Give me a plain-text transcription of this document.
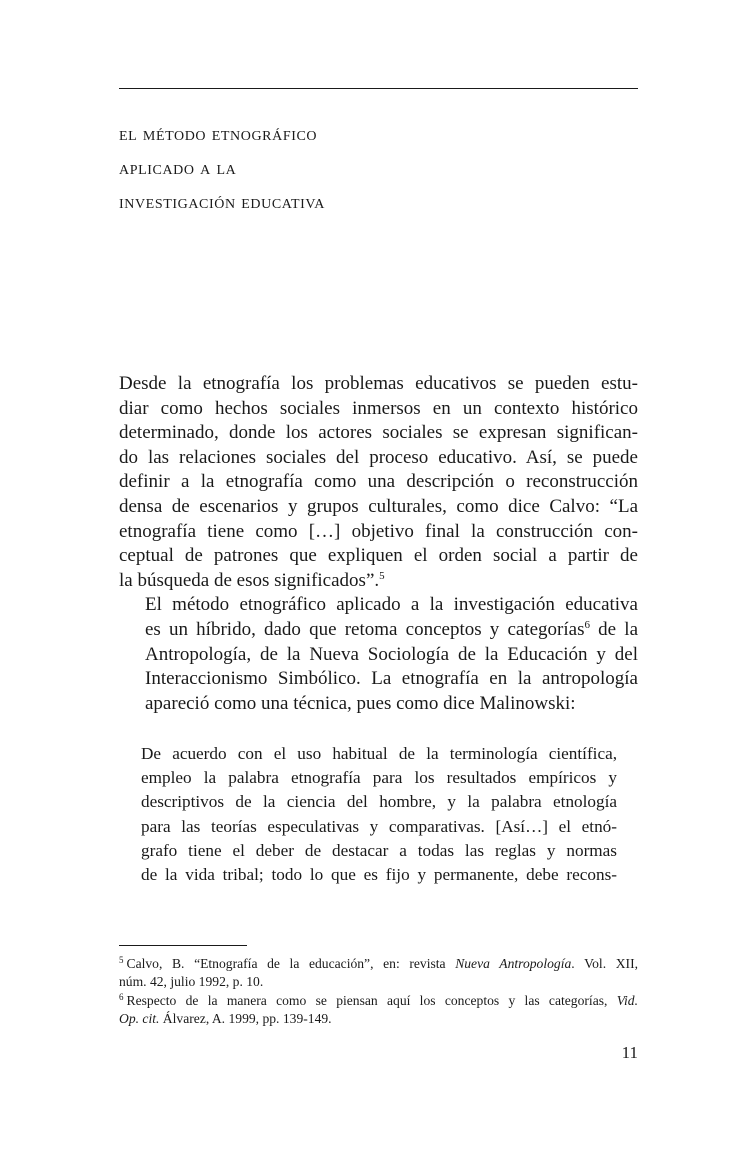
el método etnográfico
aplicado a la
investigación educativa

Desde la etnografía los problemas educativos se pueden estu-
diar como hechos sociales inmersos en un contexto histórico
determinado, donde los actores sociales se expresan significan-
do las relaciones sociales del proceso educativo. Así, se puede
definir a la etnografía como una descripción o reconstrucción
densa de escenarios y grupos culturales, como dice Calvo: “La
etnografía tiene como […] objetivo final la construcción con-
ceptual de patrones que expliquen el orden social a partir de
la búsqueda de esos significados”.$^5$

El método etnográfico aplicado a la investigación educativa
es un híbrido, dado que retoma conceptos y categorías$^6$ de la
Antropología, de la Nueva Sociología de la Educación y del
Interaccionismo Simbólico. La etnografía en la antropología
apareció como una técnica, pues como dice Malinowski:

De acuerdo con el uso habitual de la terminología científica,
empleo la palabra etnografía para los resultados empíricos y
descriptivos de la ciencia del hombre, y la palabra etnología
para las teorías especulativas y comparativas. [Así…] el etnó-
grafo tiene el deber de destacar a todas las reglas y normas
de la vida tribal; todo lo que es fijo y permanente, debe recons-
$^5$ Calvo, B. “Etnografía de la educación”, en: revista Nueva Antropología. Vol. XII,
núm. 42, julio 1992, p. 10.
$^6$ Respecto de la manera como se piensan aquí los conceptos y las categorías, Vid.
Op. cit. Álvarez, A. 1999, pp. 139-149.
11
